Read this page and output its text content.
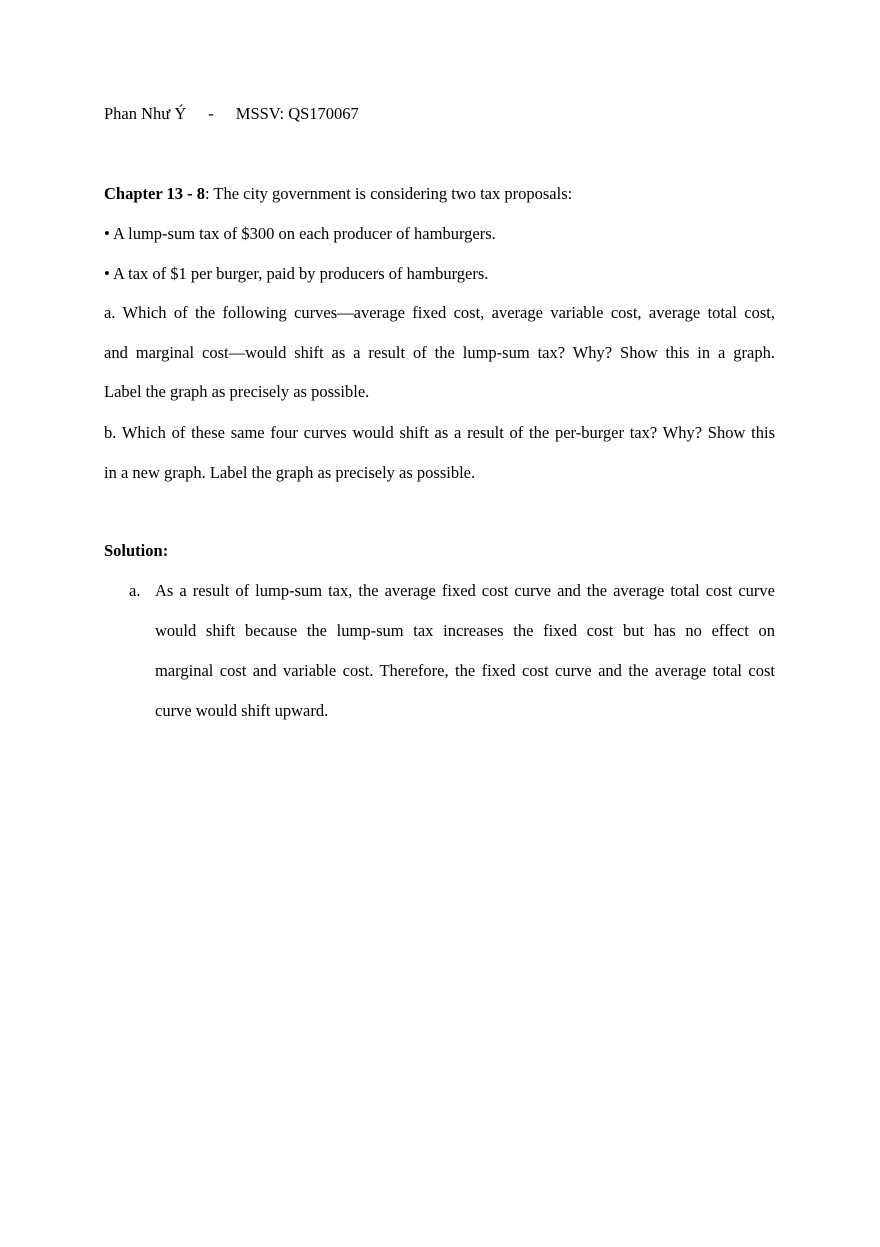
Phan Như Ý - MSSV: QS170067
Chapter 13 - 8: The city government is considering two tax proposals:
• A lump-sum tax of $300 on each producer of hamburgers.
• A tax of $1 per burger, paid by producers of hamburgers.
a. Which of the following curves—average fixed cost, average variable cost, average total cost,
and marginal cost—would shift as a result of the lump-sum tax? Why? Show this in a graph.
Label the graph as precisely as possible.
b. Which of these same four curves would shift as a result of the per-burger tax? Why? Show this
in a new graph. Label the graph as precisely as possible.
Solution:
a. As a result of lump-sum tax, the average fixed cost curve and the average total cost curve
would shift because the lump-sum tax increases the fixed cost but has no effect on
marginal cost and variable cost. Therefore, the fixed cost curve and the average total cost
curve would shift upward.
